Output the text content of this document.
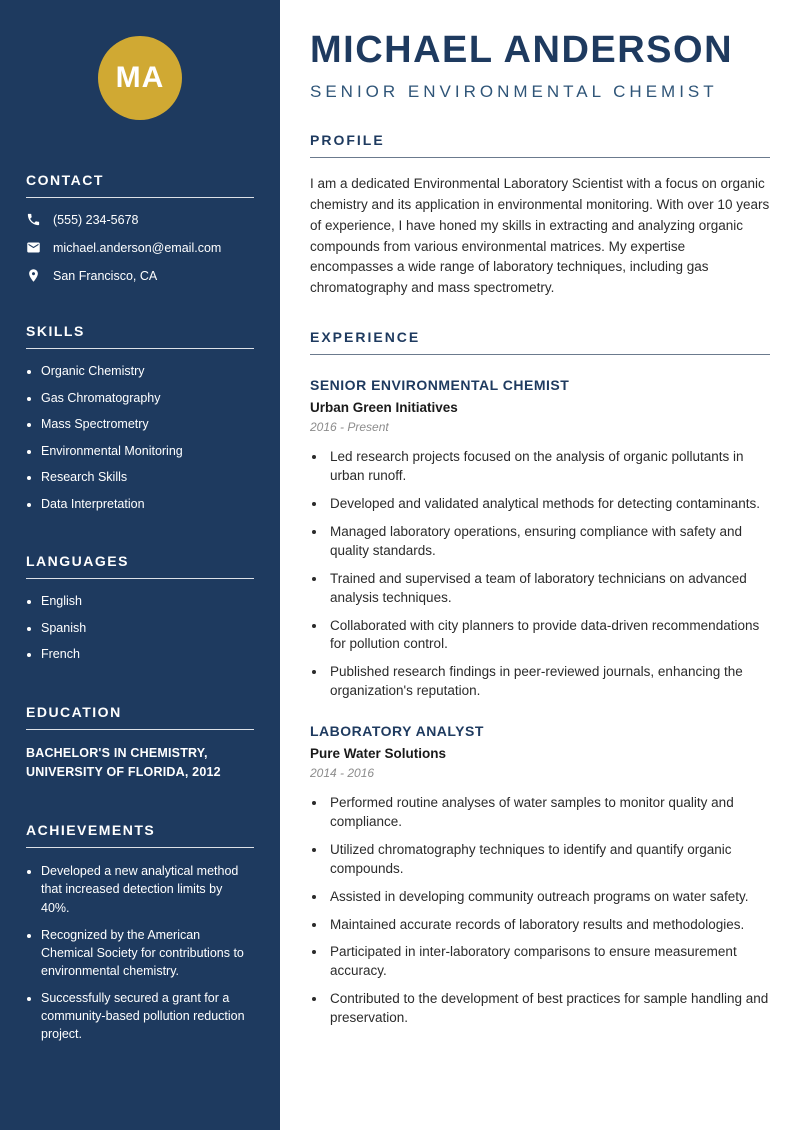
MA
CONTACT
(555) 234-5678
michael.anderson@email.com
San Francisco, CA
SKILLS
• Organic Chemistry
• Gas Chromatography
• Mass Spectrometry
• Environmental Monitoring
• Research Skills
• Data Interpretation
LANGUAGES
• English
• Spanish
• French
EDUCATION

BACHELOR'S IN CHEMISTRY, UNIVERSITY OF FLORIDA, 2012

ACHIEVEMENTS
• Developed a new analytical method that increased detection limits by 40%.
• Recognized by the American Chemical Society for contributions to environmental chemistry.
• Successfully secured a grant for a community-based pollution reduction project.
MICHAEL ANDERSON
SENIOR ENVIRONMENTAL CHEMIST
PROFILE

I am a dedicated Environmental Laboratory Scientist with a focus on organic chemistry and its application in environmental monitoring. With over 10 years of experience, I have honed my skills in extracting and analyzing organic compounds from various environmental matrices. My expertise encompasses a wide range of laboratory techniques, including gas chromatography and mass spectrometry.

EXPERIENCE
SENIOR ENVIRONMENTAL CHEMIST
Urban Green Initiatives
2016 - Present
• Led research projects focused on the analysis of organic pollutants in urban runoff.
• Developed and validated analytical methods for detecting contaminants.
• Managed laboratory operations, ensuring compliance with safety and quality standards.
• Trained and supervised a team of laboratory technicians on advanced analysis techniques.
• Collaborated with city planners to provide data-driven recommendations for pollution control.
• Published research findings in peer-reviewed journals, enhancing the organization's reputation.
LABORATORY ANALYST
Pure Water Solutions
2014 - 2016
• Performed routine analyses of water samples to monitor quality and compliance.
• Utilized chromatography techniques to identify and quantify organic compounds.
• Assisted in developing community outreach programs on water safety.
• Maintained accurate records of laboratory results and methodologies.
• Participated in inter-laboratory comparisons to ensure measurement accuracy.
• Contributed to the development of best practices for sample handling and preservation.
